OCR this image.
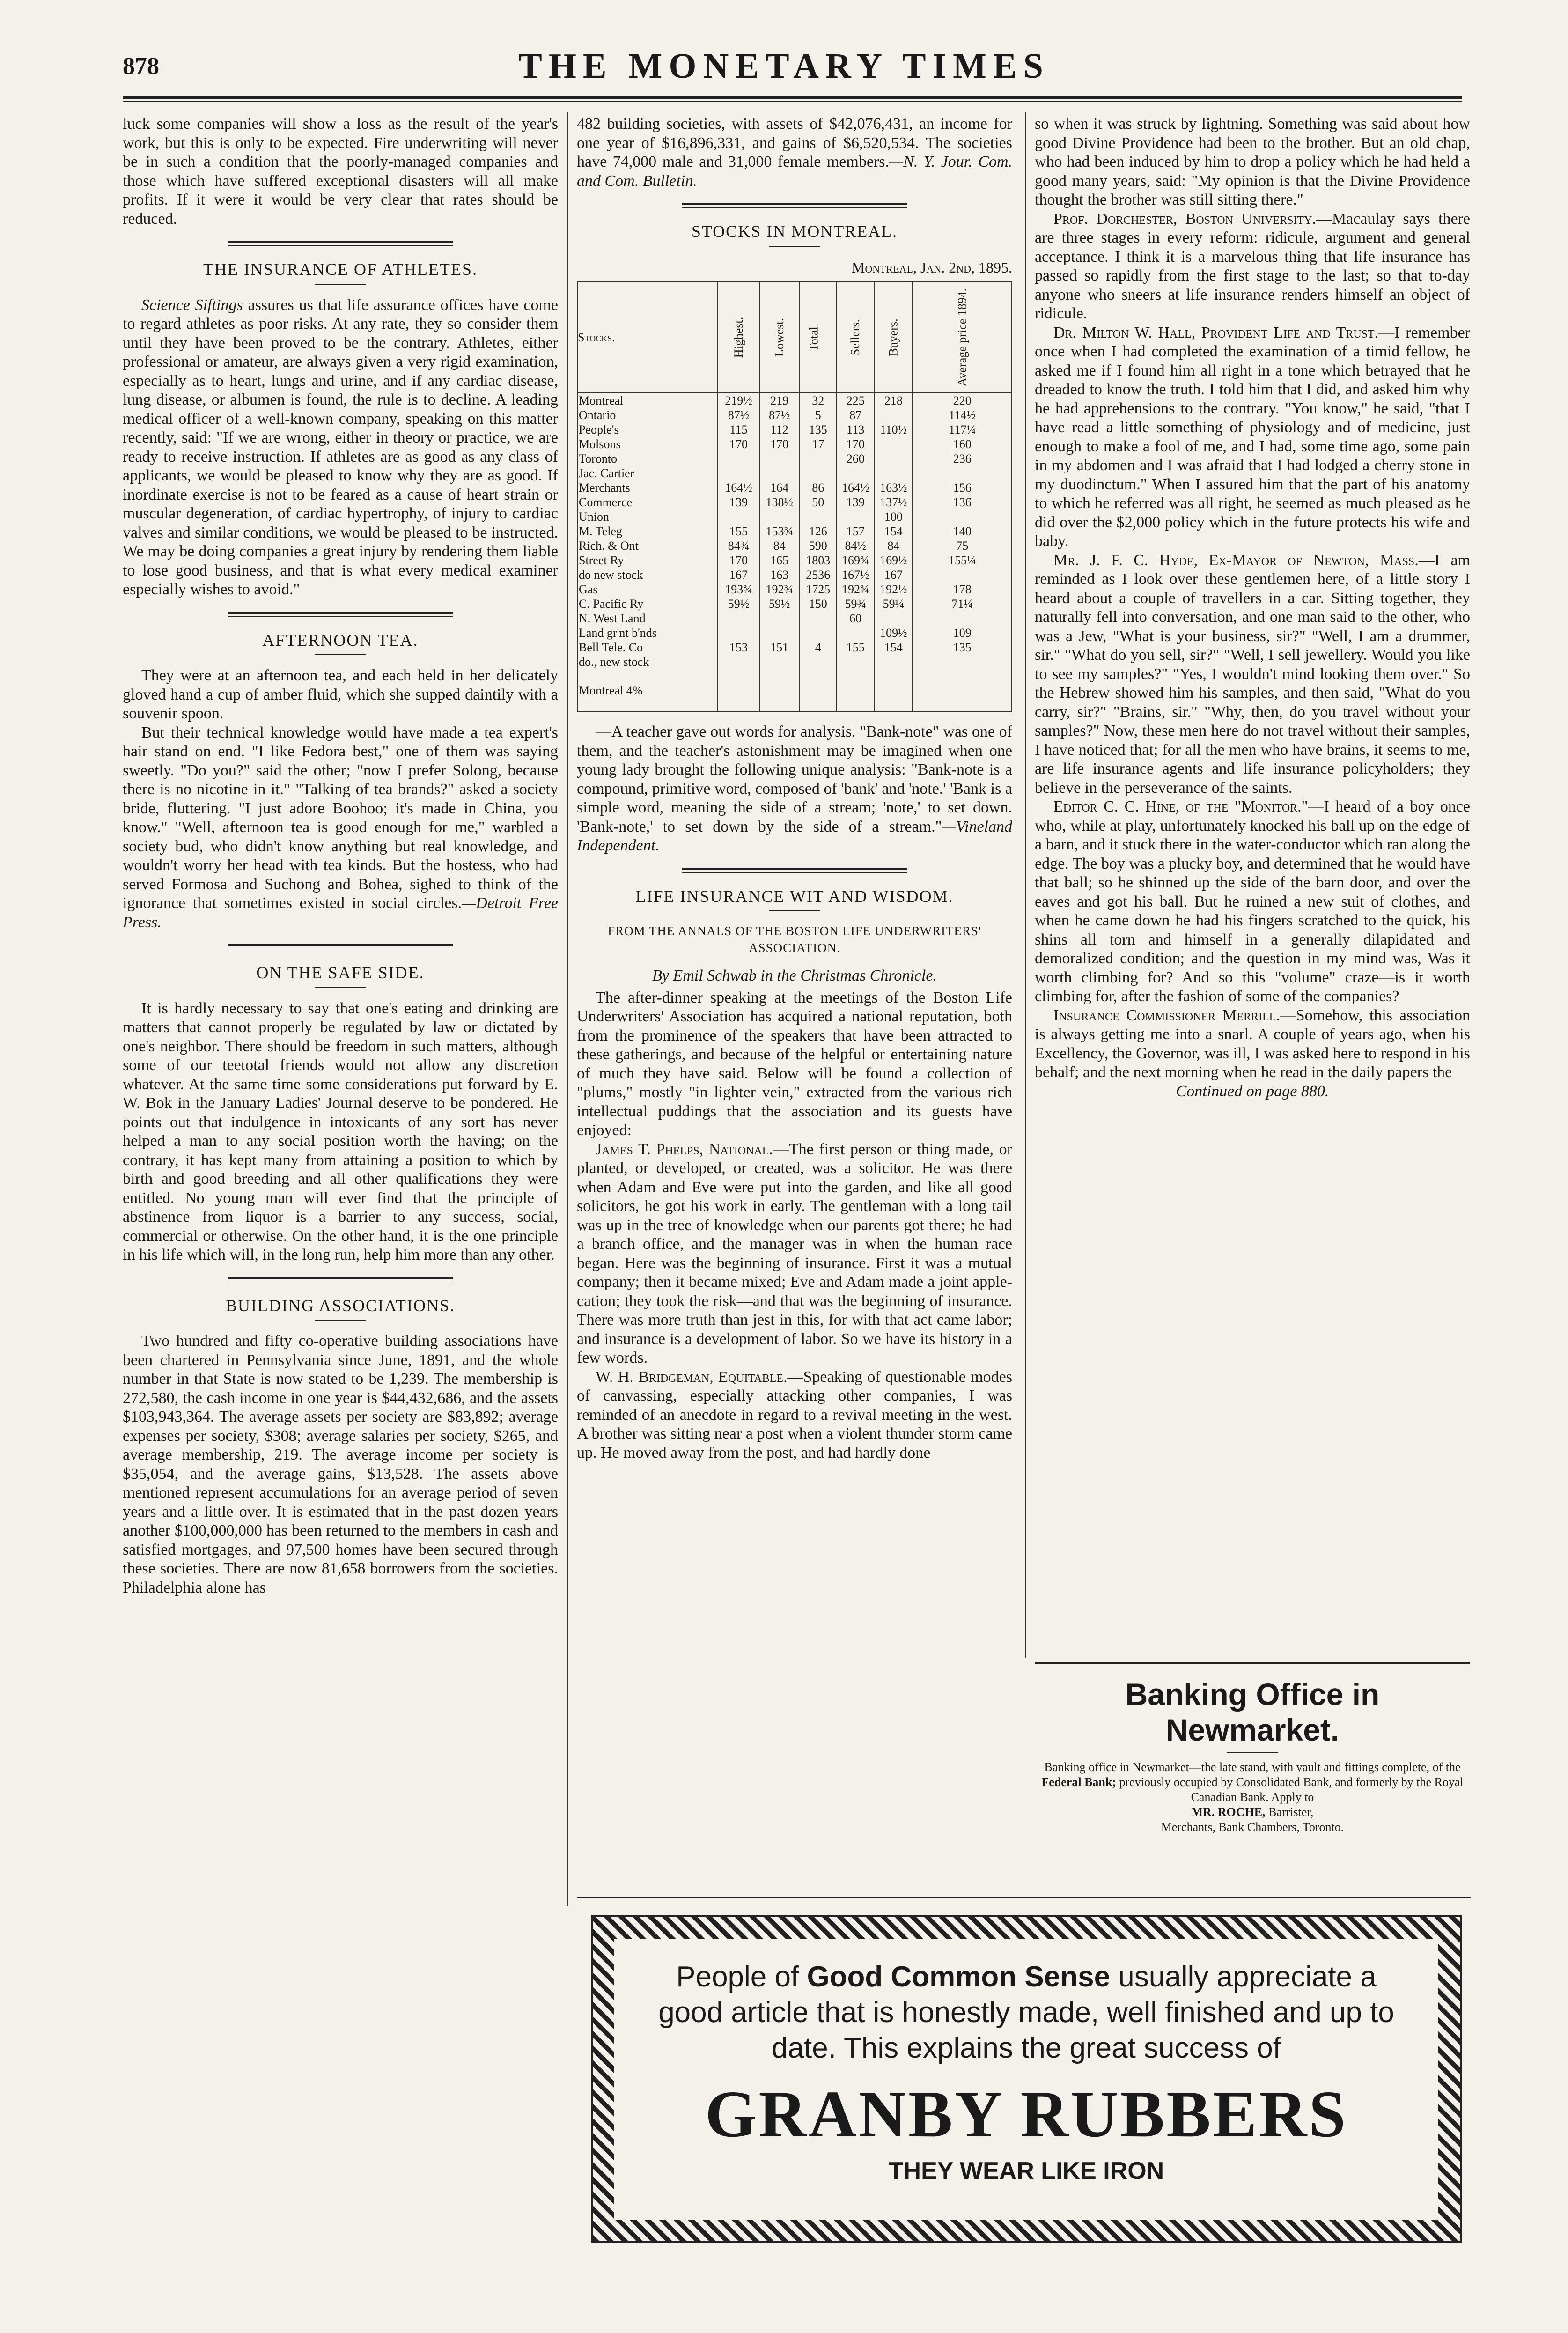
878	THE MONETARY TIMES

luck some companies will show a loss as the result of the year's work, but this is only to be expected. Fire underwriting will never be in such a condition that the poorly-managed companies and those which have suffered exceptional disasters will all make profits. If it were it would be very clear that rates should be reduced.

THE INSURANCE OF ATHLETES.

Science Siftings assures us that life assurance offices have come to regard athletes as poor risks. At any rate, they so consider them until they have been proved to be the contrary. Athletes, either professional or amateur, are always given a very rigid examination, especially as to heart, lungs and urine, and if any cardiac disease, lung disease, or albumen is found, the rule is to decline. A leading medical officer of a well-known company, speaking on this matter recently, said: "If we are wrong, either in theory or practice, we are ready to receive instruction. If athletes are as good as any class of applicants, we would be pleased to know why they are as good. If inordinate exercise is not to be feared as a cause of heart strain or muscular degeneration, of cardiac hypertrophy, of injury to cardiac valves and similar conditions, we would be pleased to be instructed. We may be doing companies a great injury by rendering them liable to lose good business, and that is what every medical examiner especially wishes to avoid."

AFTERNOON TEA.

They were at an afternoon tea, and each held in her delicately gloved hand a cup of amber fluid, which she supped daintily with a souvenir spoon.

But their technical knowledge would have made a tea expert's hair stand on end. "I like Fedora best," one of them was saying sweetly. "Do you?" said the other; "now I prefer Solong, because there is no nicotine in it." "Talking of tea brands?" asked a society bride, fluttering. "I just adore Boohoo; it's made in China, you know." "Well, afternoon tea is good enough for me," warbled a society bud, who didn't know anything but real knowledge, and wouldn't worry her head with tea kinds. But the hostess, who had served Formosa and Suchong and Bohea, sighed to think of the ignorance that sometimes existed in social circles.—Detroit Free Press.

ON THE SAFE SIDE.

It is hardly necessary to say that one's eating and drinking are matters that cannot properly be regulated by law or dictated by one's neighbor. There should be freedom in such matters, although some of our teetotal friends would not allow any discretion whatever. At the same time some considerations put forward by E. W. Bok in the January Ladies' Journal deserve to be pondered. He points out that indulgence in intoxicants of any sort has never helped a man to any social position worth the having; on the contrary, it has kept many from attaining a position to which by birth and good breeding and all other qualifications they were entitled. No young man will ever find that the principle of abstinence from liquor is a barrier to any success, social, commercial or otherwise. On the other hand, it is the one principle in his life which will, in the long run, help him more than any other.

BUILDING ASSOCIATIONS.

Two hundred and fifty co-operative building associations have been chartered in Pennsylvania since June, 1891, and the whole number in that State is now stated to be 1,239. The membership is 272,580, the cash income in one year is $44,432,686, and the assets $103,943,364. The average assets per society are $83,892; average expenses per society, $308; average salaries per society, $265, and average membership, 219. The average income per society is $35,054, and the average gains, $13,528. The assets above mentioned represent accumulations for an average period of seven years and a little over. It is estimated that in the past dozen years another $100,000,000 has been returned to the members in cash and satisfied mortgages, and 97,500 homes have been secured through these societies. There are now 81,658 borrowers from the societies. Philadelphia alone has

482 building societies, with assets of $42,076,431, an income for one year of $16,896,331, and gains of $6,520,534. The societies have 74,000 male and 31,000 female members.—N. Y. Jour. Com. and Com. Bulletin.

STOCKS IN MONTREAL.
Montreal, Jan. 2nd, 1895.
Stocks.	Highest.	Lowest.	Total.	Sellers.	Buyers.	Average price 1894.
Montreal	219½	219	32	225	218	220
Ontario	87½	87½	5	87		114½
People's	115	112	135	113	110½	117¼
Molsons	170	170	17	170		160
Toronto				260		236
Jac. Cartier						
Merchants	164½	164	86	164½	163½	156
Commerce	139	138½	50	139	137½	136
Union					100	
M. Teleg	155	153¾	126	157	154	140
Rich. & Ont	84¾	84	590	84½	84	75
Street Ry	170	165	1803	169¾	169½	155¼
do new stock	167	163	2536	167½	167	
Gas	193¾	192¾	1725	192¾	192½	178
C. Pacific Ry	59½	59½	150	59¾	59¼	71¼
N. West Land				60		
Land gr'nt b'nds					109½	109
Bell Tele. Co	153	151	4	155	154	135
do., new stock						
Montreal 4%						

—A teacher gave out words for analysis. "Bank-note" was one of them, and the teacher's astonishment may be imagined when one young lady brought the following unique analysis: "Bank-note is a compound, primitive word, composed of 'bank' and 'note.' 'Bank is a simple word, meaning the side of a stream; 'note,' to set down. 'Bank-note,' to set down by the side of a stream."—Vineland Independent.

LIFE INSURANCE WIT AND WISDOM.
FROM THE ANNALS OF THE BOSTON LIFE UNDERWRITERS' ASSOCIATION.
By Emil Schwab in the Christmas Chronicle.

The after-dinner speaking at the meetings of the Boston Life Underwriters' Association has acquired a national reputation, both from the prominence of the speakers that have been attracted to these gatherings, and because of the helpful or entertaining nature of much they have said. Below will be found a collection of "plums," mostly "in lighter vein," extracted from the various rich intellectual puddings that the association and its guests have enjoyed:

James T. Phelps, National.—The first person or thing made, or planted, or developed, or created, was a solicitor. He was there when Adam and Eve were put into the garden, and like all good solicitors, he got his work in early. The gentleman with a long tail was up in the tree of knowledge when our parents got there; he had a branch office, and the manager was in when the human race began. Here was the beginning of insurance. First it was a mutual company; then it became mixed; Eve and Adam made a joint apple-cation; they took the risk—and that was the beginning of insurance. There was more truth than jest in this, for with that act came labor; and insurance is a development of labor. So we have its history in a few words.

W. H. Bridgeman, Equitable.—Speaking of questionable modes of canvassing, especially attacking other companies, I was reminded of an anecdote in regard to a revival meeting in the west. A brother was sitting near a post when a violent thunder storm came up. He moved away from the post, and had hardly done

so when it was struck by lightning. Something was said about how good Divine Providence had been to the brother. But an old chap, who had been induced by him to drop a policy which he had held a good many years, said: "My opinion is that the Divine Providence thought the brother was still sitting there."

Prof. Dorchester, Boston University.—Macaulay says there are three stages in every reform: ridicule, argument and general acceptance. I think it is a marvelous thing that life insurance has passed so rapidly from the first stage to the last; so that to-day anyone who sneers at life insurance renders himself an object of ridicule.

Dr. Milton W. Hall, Provident Life and Trust.—I remember once when I had completed the examination of a timid fellow, he asked me if I found him all right in a tone which betrayed that he dreaded to know the truth. I told him that I did, and asked him why he had apprehensions to the contrary. "You know," he said, "that I have read a little something of physiology and of medicine, just enough to make a fool of me, and I had, some time ago, some pain in my abdomen and I was afraid that I had lodged a cherry stone in my duodinctum." When I assured him that the part of his anatomy to which he referred was all right, he seemed as much pleased as he did over the $2,000 policy which in the future protects his wife and baby.

Mr. J. F. C. Hyde, Ex-Mayor of Newton, Mass.—I am reminded as I look over these gentlemen here, of a little story I heard about a couple of travellers in a car. Sitting together, they naturally fell into conversation, and one man said to the other, who was a Jew, "What is your business, sir?" "Well, I am a drummer, sir." "What do you sell, sir?" "Well, I sell jewellery. Would you like to see my samples?" "Yes, I wouldn't mind looking them over." So the Hebrew showed him his samples, and then said, "What do you carry, sir?" "Brains, sir." "Why, then, do you travel without your samples?" Now, these men here do not travel without their samples, I have noticed that; for all the men who have brains, it seems to me, are life insurance agents and life insurance policyholders; they believe in the perseverance of the saints.

Editor C. C. Hine, of the "Monitor."—I heard of a boy once who, while at play, unfortunately knocked his ball up on the edge of a barn, and it stuck there in the water-conductor which ran along the edge. The boy was a plucky boy, and determined that he would have that ball; so he shinned up the side of the barn door, and over the eaves and got his ball. But he ruined a new suit of clothes, and when he came down he had his fingers scratched to the quick, his shins all torn and himself in a generally dilapidated and demoralized condition; and the question in my mind was, Was it worth climbing for? And so this "volume" craze—is it worth climbing for, after the fashion of some of the companies?

Insurance Commissioner Merrill.—Somehow, this association is always getting me into a snarl. A couple of years ago, when his Excellency, the Governor, was ill, I was asked here to respond in his behalf; and the next morning when he read in the daily papers the

Continued on page 880.
Banking Office in Newmarket.
Banking office in Newmarket—the late stand, with vault and fittings complete, of the Federal Bank; previously occupied by Consolidated Bank, and formerly by the Royal Canadian Bank. Apply to
MR. ROCHE, Barrister,
Merchants, Bank Chambers, Toronto.
People of Good Common Sense usually appreciate a good article that is honestly made, well finished and up to date. This explains the great success of
GRANBY RUBBERS
THEY WEAR LIKE IRON
